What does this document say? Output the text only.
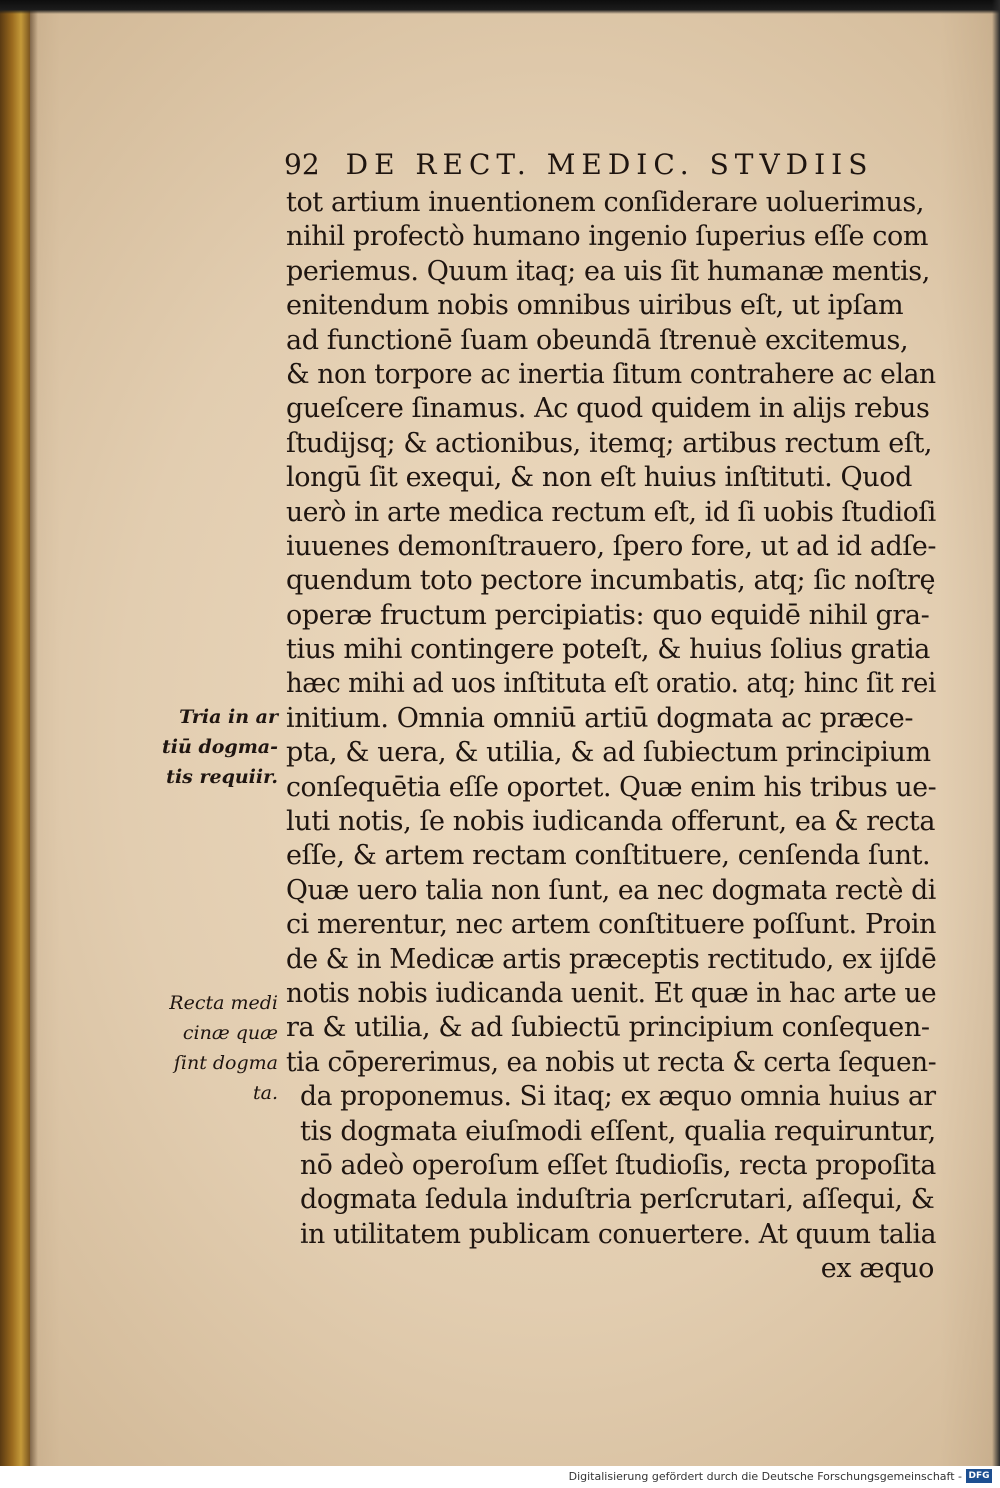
92 DE RECT. MEDIC. STVDIIS
Tria in ar
tiū dogma-
tis requiir.
Recta medi
cinæ quæ
ſint dogma
ta.
tot artium inuentionem conſiderare uoluerimus,
nihil profectò humano ingenio ſuperius eſſe com
periemus. Quum itaq; ea uis ſit humanæ mentis,
enitendum nobis omnibus uiribus eſt, ut ipſam
ad functionē ſuam obeundā ſtrenuè excitemus,
& non torpore ac inertia ſitum contrahere ac elan
gueſcere ſinamus. Ac quod quidem in alijs rebus
ſtudijsq; & actionibus, itemq; artibus rectum eſt,
longū ſit exequi, & non eſt huius inſtituti. Quod
uerò in arte medica rectum eſt, id ſi uobis ſtudioſi
iuuenes demonſtrauero, ſpero fore, ut ad id adſe-
quendum toto pectore incumbatis, atq; ſic noſtrę
operæ fructum percipiatis: quo equidē nihil gra-
tius mihi contingere poteſt, & huius ſolius gratia
hæc mihi ad uos inſtituta eſt oratio. atq; hinc ſit rei
initium. Omnia omniū artiū dogmata ac præce-
pta, & uera, & utilia, & ad ſubiectum principium
conſequētia eſſe oportet. Quæ enim his tribus ue-
luti notis, ſe nobis iudicanda offerunt, ea & recta
eſſe, & artem rectam conſtituere, cenſenda ſunt.
Quæ uero talia non ſunt, ea nec dogmata rectè di
ci merentur, nec artem conſtituere poſſunt. Proin
de & in Medicæ artis præceptis rectitudo, ex ijſdē
notis nobis iudicanda uenit. Et quæ in hac arte ue
ra & utilia, & ad ſubiectū principium conſequen-
tia cōpererimus, ea nobis ut recta & certa ſequen-
da proponemus. Si itaq; ex æquo omnia huius ar
tis dogmata eiuſmodi eſſent, qualia requiruntur,
nō adeò operoſum eſſet ſtudioſis, recta propoſita
dogmata ſedula induſtria perſcrutari, aſſequi, &
in utilitatem publicam conuertere. At quum talia
ex æquo
Digitalisierung gefördert durch die Deutsche Forschungsgemeinschaft - DFG
